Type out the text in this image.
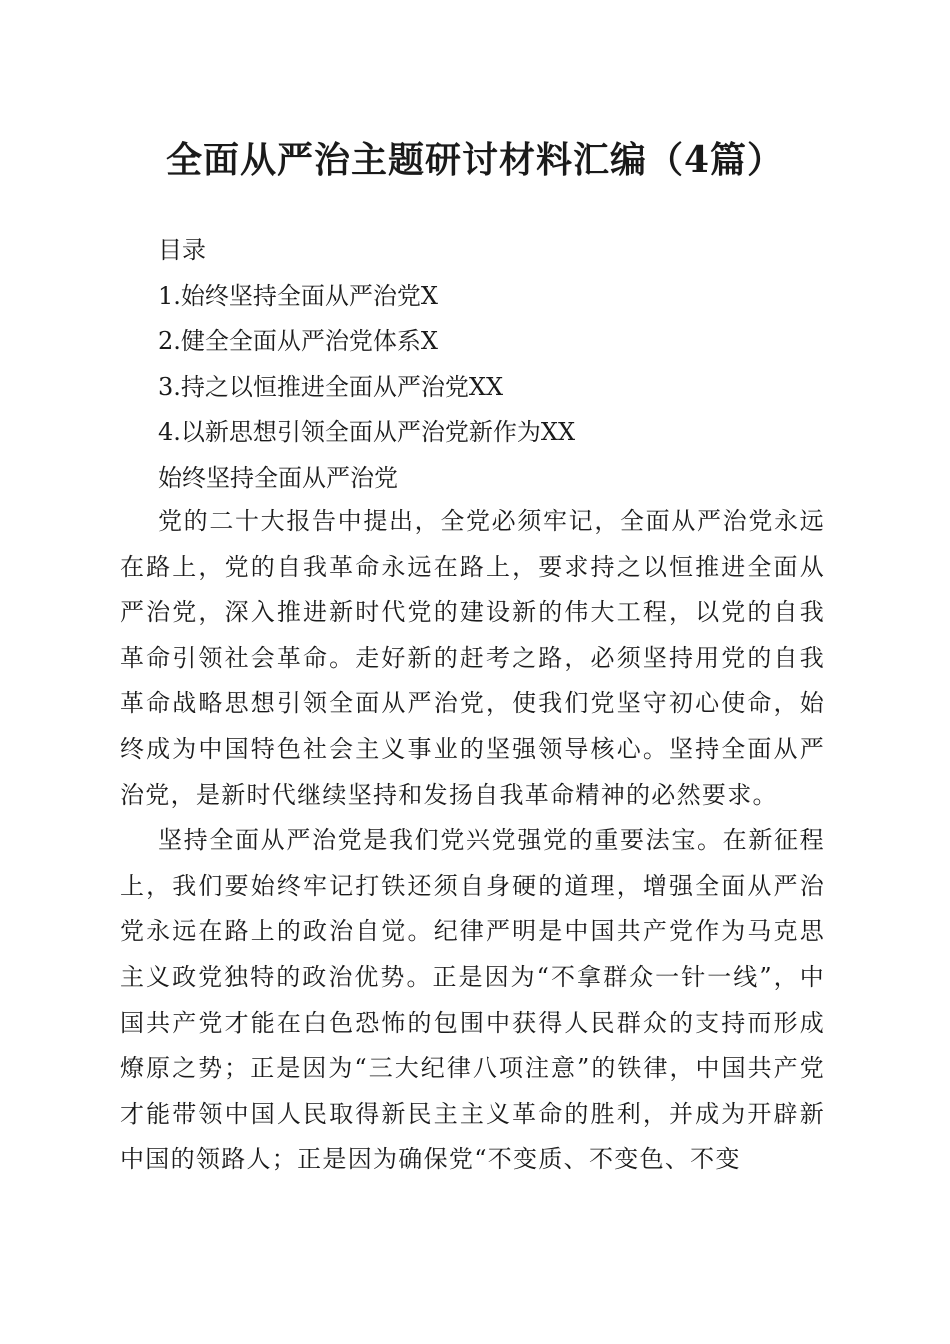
全面从严治主题研讨材料汇编（4篇）
目录
1.始终坚持全面从严治党X
2.健全全面从严治党体系X
3.持之以恒推进全面从严治党XX
4.以新思想引领全面从严治党新作为XX
始终坚持全面从严治党

党的二十大报告中提出，全党必须牢记，全面从严治党永远在路上，党的自我革命永远在路上，要求持之以恒推进全面从严治党，深入推进新时代党的建设新的伟大工程，以党的自我革命引领社会革命。走好新的赶考之路，必须坚持用党的自我革命战略思想引领全面从严治党，使我们党坚守初心使命，始终成为中国特色社会主义事业的坚强领导核心。坚持全面从严治党，是新时代继续坚持和发扬自我革命精神的必然要求。

坚持全面从严治党是我们党兴党强党的重要法宝。在新征程上，我们要始终牢记打铁还须自身硬的道理，增强全面从严治党永远在路上的政治自觉。纪律严明是中国共产党作为马克思主义政党独特的政治优势。正是因为“不拿群众一针一线”，中国共产党才能在白色恐怖的包围中获得人民群众的支持而形成燎原之势；正是因为“三大纪律八项注意”的铁律，中国共产党才能带领中国人民取得新民主主义革命的胜利，并成为开辟新中国的领路人；正是因为确保党“不变质、不变色、不变
